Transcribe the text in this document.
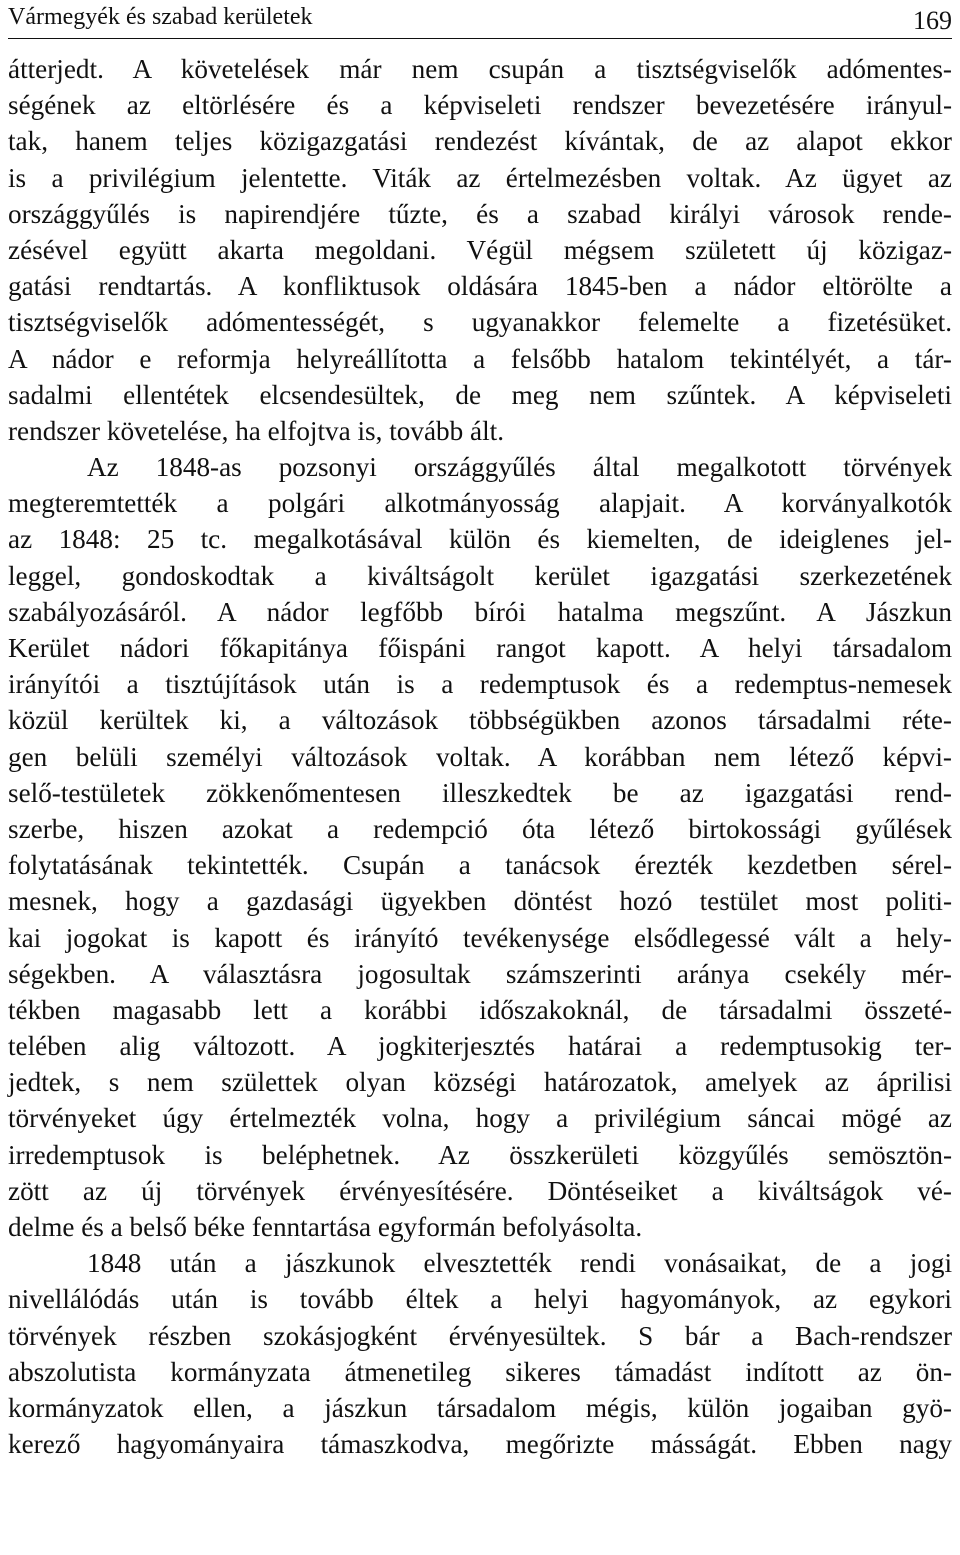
Vármegyék és szabad kerületek	169
átterjedt. A követelések már nem csupán a tisztségviselők adómentes-
ségének az eltörlésére és a képviseleti rendszer bevezetésére irányul-
tak, hanem teljes közigazgatási rendezést kívántak, de az alapot ekkor
is a privilégium jelentette. Viták az értelmezésben voltak. Az ügyet az
országgyűlés is napirendjére tűzte, és a szabad királyi városok rende-
zésével együtt akarta megoldani. Végül mégsem született új közigaz-
gatási rendtartás. A konfliktusok oldására 1845-ben a nádor eltörölte a
tisztségviselők adómentességét, s ugyanakkor felemelte a fizetésüket.
A nádor e reformja helyreállította a felsőbb hatalom tekintélyét, a tár-
sadalmi ellentétek elcsendesültek, de meg nem szűntek. A képviseleti
rendszer követelése, ha elfojtva is, tovább ált.
Az 1848-as pozsonyi országgyűlés által megalkotott törvények
megteremtették a polgári alkotmányosság alapjait. A korványalkotók
az 1848: 25 tc. megalkotásával külön és kiemelten, de ideiglenes jel-
leggel, gondoskodtak a kiváltságolt kerület igazgatási szerkezetének
szabályozásáról. A nádor legfőbb bírói hatalma megszűnt. A Jászkun
Kerület nádori főkapitánya főispáni rangot kapott. A helyi társadalom
irányítói a tisztújítások után is a redemptusok és a redemptus-nemesek
közül kerültek ki, a változások többségükben azonos társadalmi réte-
gen belüli személyi változások voltak. A korábban nem létező képvi-
selő-testületek zökkenőmentesen illeszkedtek be az igazgatási rend-
szerbe, hiszen azokat a redempció óta létező birtokossági gyűlések
folytatásának tekintették. Csupán a tanácsok érezték kezdetben sérel-
mesnek, hogy a gazdasági ügyekben döntést hozó testület most politi-
kai jogokat is kapott és irányító tevékenysége elsődlegessé vált a hely-
ségekben. A választásra jogosultak számszerinti aránya csekély mér-
tékben magasabb lett a korábbi időszakoknál, de társadalmi összeté-
telében alig változott. A jogkiterjesztés határai a redemptusokig ter-
jedtek, s nem születtek olyan községi határozatok, amelyek az áprilisi
törvényeket úgy értelmezték volna, hogy a privilégium sáncai mögé az
irredemptusok is beléphetnek. Az összkerületi közgyűlés semösztön-
zött az új törvények érvényesítésére. Döntéseiket a kiváltságok vé-
delme és a belső béke fenntartása egyformán befolyásolta.
1848 után a jászkunok elvesztették rendi vonásaikat, de a jogi
nivellálódás után is tovább éltek a helyi hagyományok, az egykori
törvények részben szokásjogként érvényesültek. S bár a Bach-rendszer
abszolutista kormányzata átmenetileg sikeres támadást indított az ön-
kormányzatok ellen, a jászkun társadalom mégis, külön jogaiban gyö-
kerező hagyományaira támaszkodva, megőrizte másságát. Ebben nagy
